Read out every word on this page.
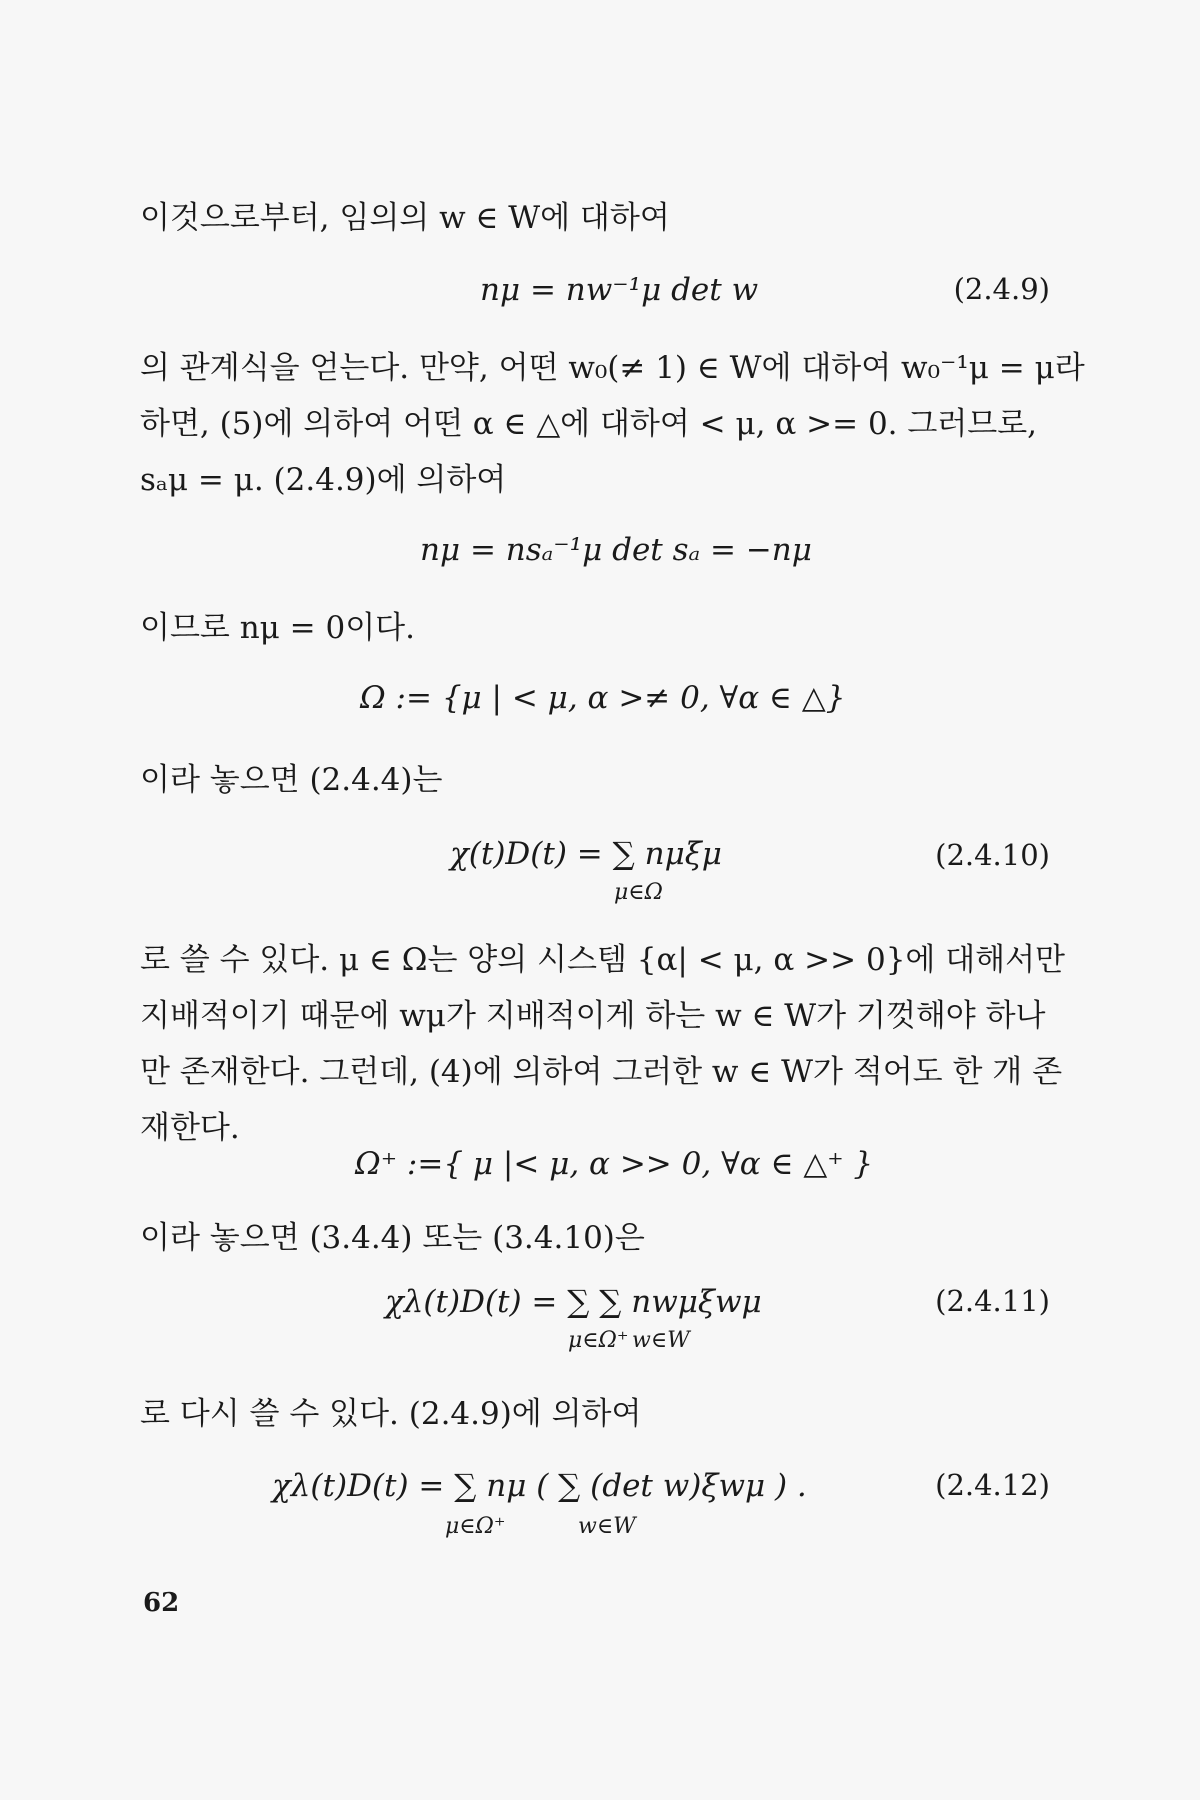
이것으로부터, 임의의 w ∈ W에 대하여
nμ = nw⁻¹μ det w	(2.4.9)
의 관계식을 얻는다. 만약, 어떤 w₀(≠ 1) ∈ W에 대하여 w₀⁻¹μ = μ라
하면, (5)에 의하여 어떤 α ∈ △에 대하여 < μ, α >= 0. 그러므로,
sₐμ = μ. (2.4.9)에 의하여
nμ = nsₐ⁻¹μ det sₐ = −nμ
이므로 nμ = 0이다.
Ω := {μ | < μ, α >≠ 0, ∀α ∈ △}
이라 놓으면 (2.4.4)는
χ(t)D(t) = ∑ nμξμ
μ∈Ω
(2.4.10)
로 쓸 수 있다. μ ∈ Ω는 양의 시스템 {α| < μ, α >> 0}에 대해서만
지배적이기 때문에 wμ가 지배적이게 하는 w ∈ W가 기껏해야 하나
만 존재한다. 그런데, (4)에 의하여 그러한 w ∈ W가 적어도 한 개 존
재한다.
Ω⁺ :={ μ |< μ, α >> 0, ∀α ∈ △⁺ }
이라 놓으면 (3.4.4) 또는 (3.4.10)은
χλ(t)D(t) = ∑ ∑ nwμξwμ
μ∈Ω⁺ w∈W
(2.4.11)
로 다시 쓸 수 있다. (2.4.9)에 의하여
χλ(t)D(t) = ∑ nμ ( ∑ (det w)ξwμ ) .
μ∈Ω⁺	w∈W
(2.4.12)
62
